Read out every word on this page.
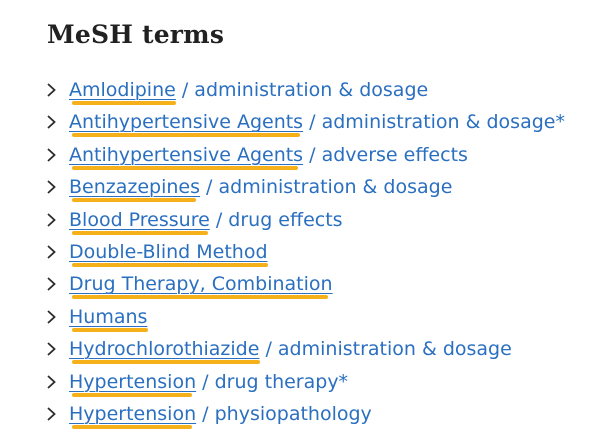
MeSH terms
Amlodipine / administration & dosage
Antihypertensive Agents / administration & dosage*
Antihypertensive Agents / adverse effects
Benzazepines / administration & dosage
Blood Pressure / drug effects
Double-Blind Method
Drug Therapy, Combination
Humans
Hydrochlorothiazide / administration & dosage
Hypertension / drug therapy*
Hypertension / physiopathology
